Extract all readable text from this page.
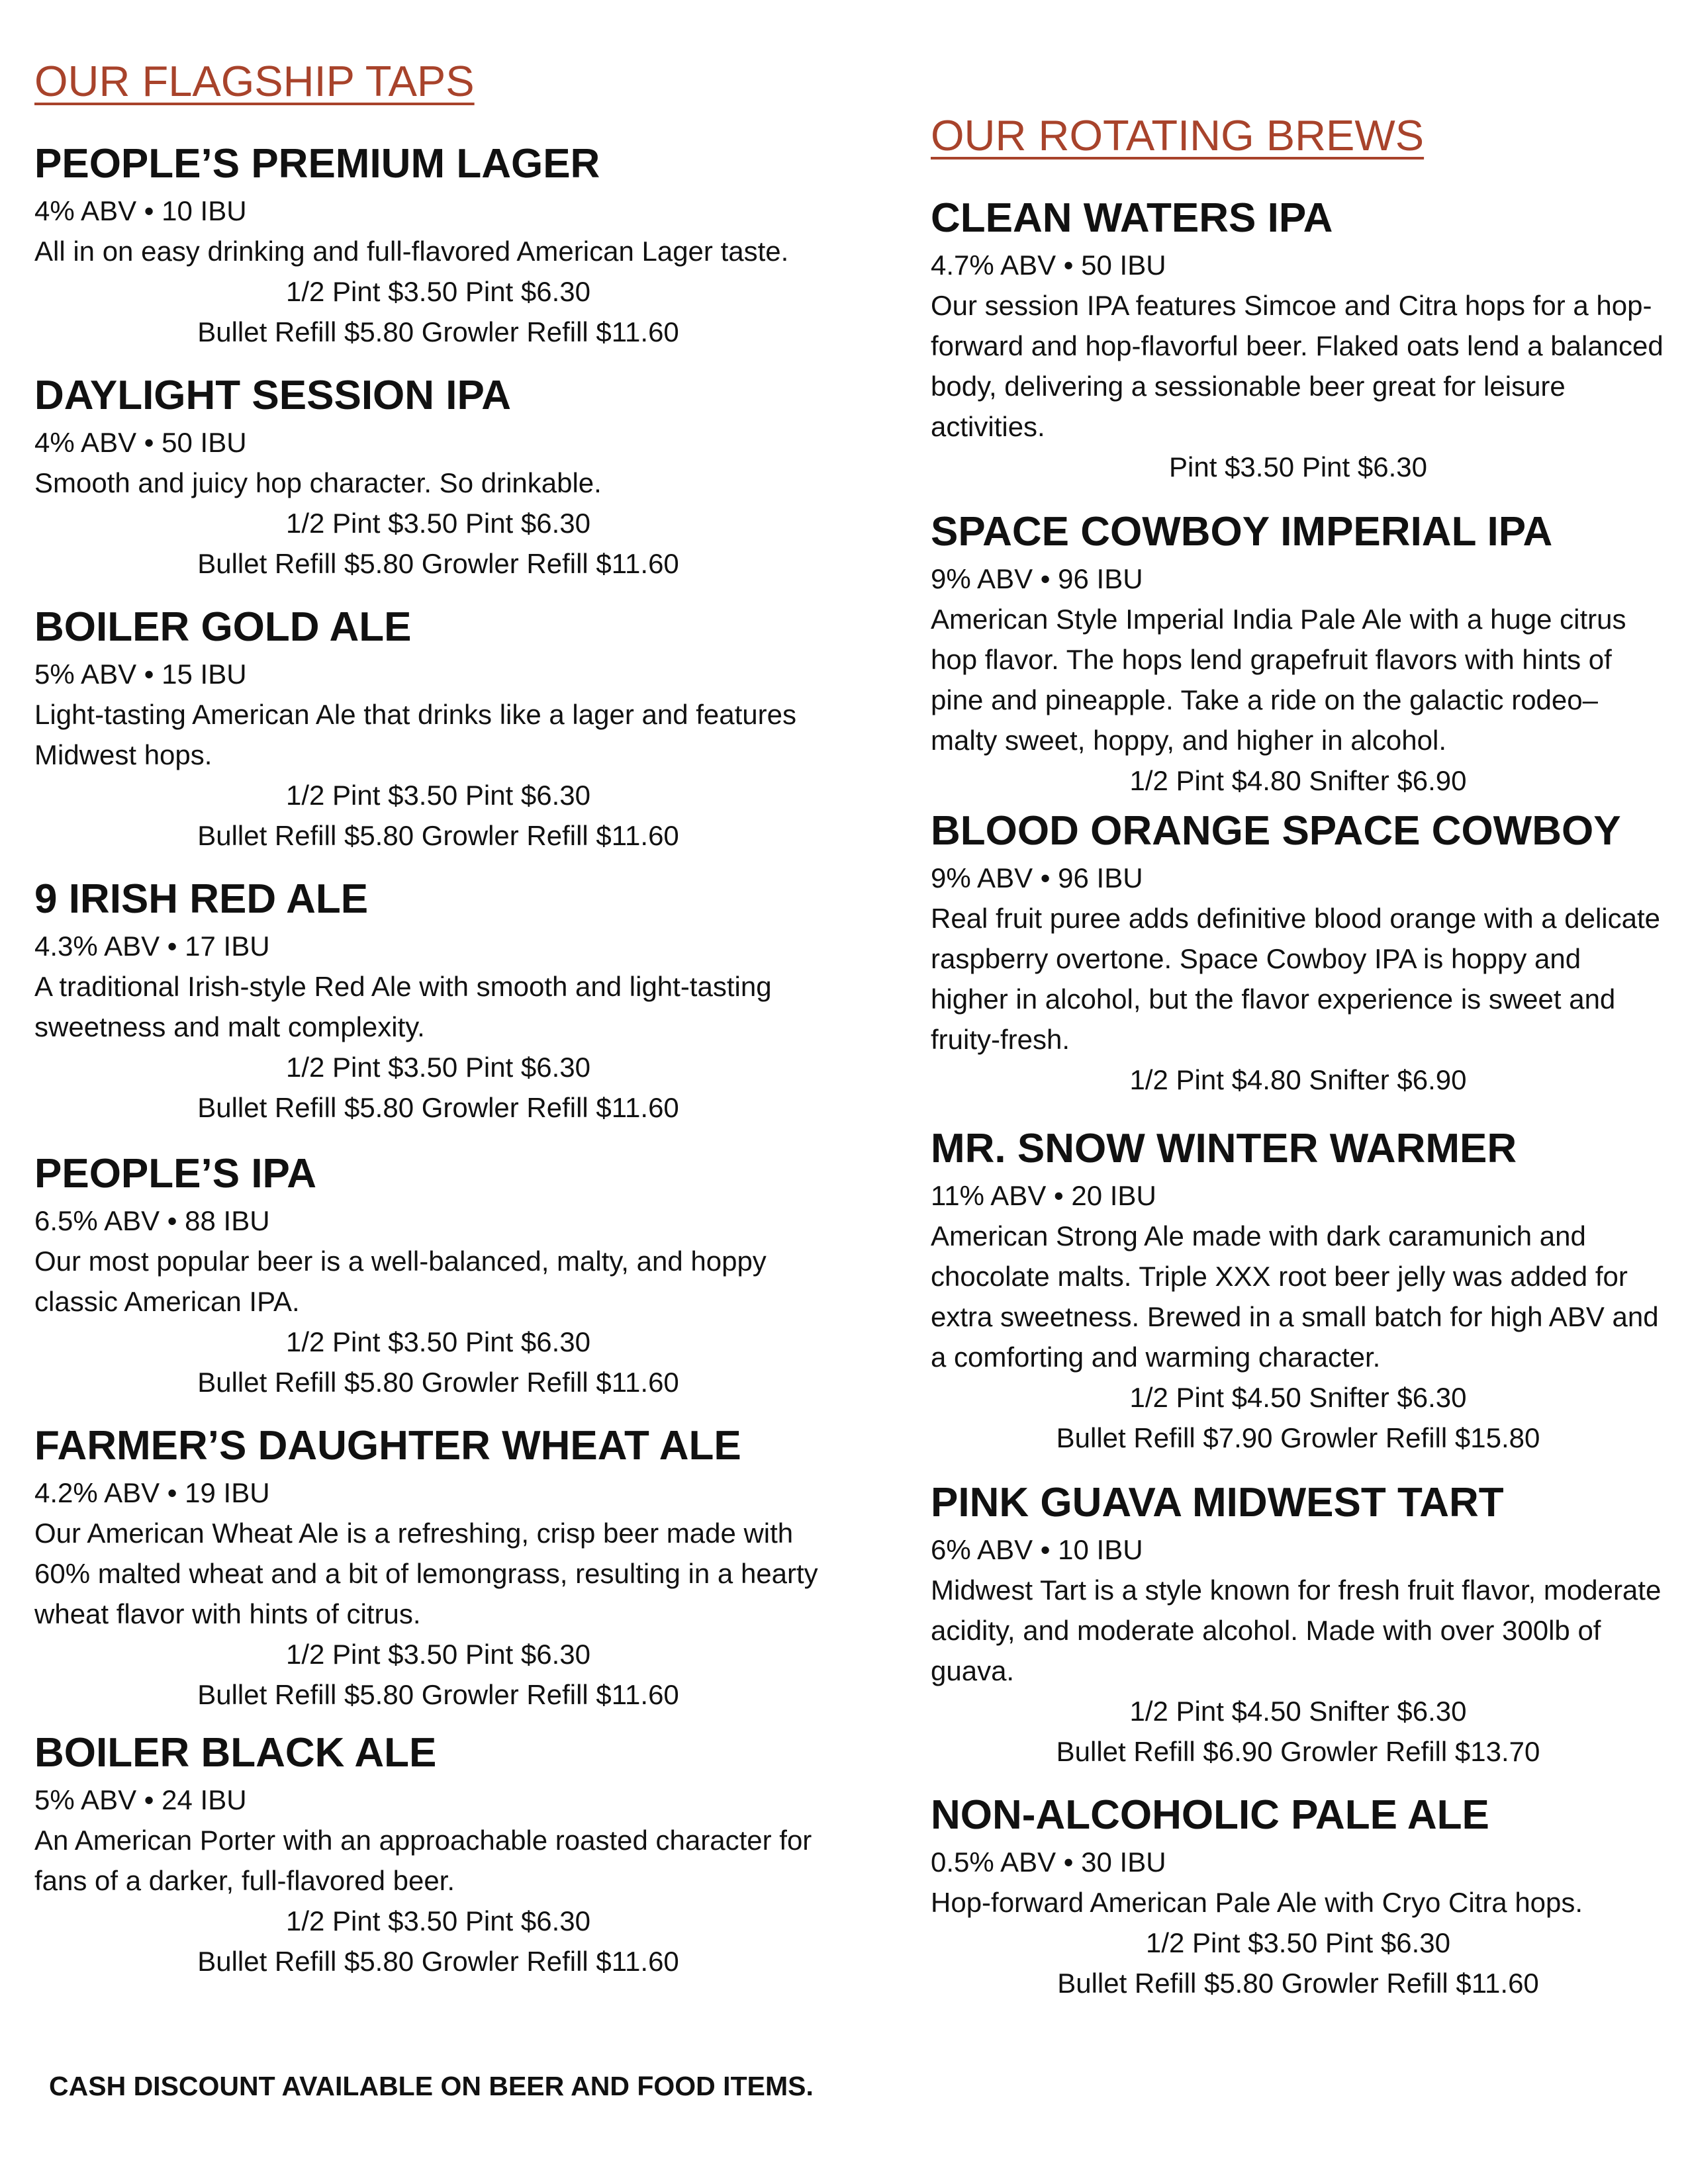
OUR FLAGSHIP TAPS
PEOPLE’S PREMIUM LAGER

4% ABV • 10 IBU

All in on easy drinking and full-flavored American Lager taste.

1/2 Pint $3.50 Pint $6.30

Bullet Refill $5.80 Growler Refill $11.60

DAYLIGHT SESSION IPA

4% ABV • 50 IBU

Smooth and juicy hop character. So drinkable.

1/2 Pint $3.50 Pint $6.30

Bullet Refill $5.80 Growler Refill $11.60

BOILER GOLD ALE

5% ABV • 15 IBU

Light-tasting American Ale that drinks like a lager and features Midwest hops.

1/2 Pint $3.50 Pint $6.30

Bullet Refill $5.80 Growler Refill $11.60

9 IRISH RED ALE

4.3% ABV • 17 IBU

A traditional Irish-style Red Ale with smooth and light-tasting sweetness and malt complexity.

1/2 Pint $3.50 Pint $6.30

Bullet Refill $5.80 Growler Refill $11.60

PEOPLE’S IPA

6.5% ABV • 88 IBU

Our most popular beer is a well-balanced, malty, and hoppy classic American IPA.

1/2 Pint $3.50 Pint $6.30

Bullet Refill $5.80 Growler Refill $11.60

FARMER’S DAUGHTER WHEAT ALE

4.2% ABV • 19 IBU

Our American Wheat Ale is a refreshing, crisp beer made with 60% malted wheat and a bit of lemongrass, resulting in a hearty wheat flavor with hints of citrus.

1/2 Pint $3.50 Pint $6.30

Bullet Refill $5.80 Growler Refill $11.60

BOILER BLACK ALE

5% ABV • 24 IBU

An American Porter with an approachable roasted character for fans of a darker, full-flavored beer.

1/2 Pint $3.50 Pint $6.30

Bullet Refill $5.80 Growler Refill $11.60

OUR ROTATING BREWS
CLEAN WATERS IPA

4.7% ABV • 50 IBU

Our session IPA features Simcoe and Citra hops for a hop-forward and hop-flavorful beer. Flaked oats lend a balanced body, delivering a sessionable beer great for leisure activities.

Pint $3.50 Pint $6.30

SPACE COWBOY IMPERIAL IPA

9% ABV • 96 IBU

American Style Imperial India Pale Ale with a huge citrus hop flavor. The hops lend grapefruit flavors with hints of pine and pineapple. Take a ride on the galactic rodeo– malty sweet, hoppy, and higher in alcohol.

1/2 Pint $4.80 Snifter $6.90

BLOOD ORANGE SPACE COWBOY

9% ABV • 96 IBU

Real fruit puree adds definitive blood orange with a delicate raspberry overtone. Space Cowboy IPA is hoppy and higher in alcohol, but the flavor experience is sweet and fruity-fresh.

1/2 Pint $4.80 Snifter $6.90

MR. SNOW WINTER WARMER

11% ABV • 20 IBU

American Strong Ale made with dark caramunich and chocolate malts. Triple XXX root beer jelly was added for extra sweetness. Brewed in a small batch for high ABV and a comforting and warming character.

1/2 Pint $4.50 Snifter $6.30

Bullet Refill $7.90 Growler Refill $15.80

PINK GUAVA MIDWEST TART

6% ABV • 10 IBU

Midwest Tart is a style known for fresh fruit flavor, moderate acidity, and moderate alcohol. Made with over 300lb of guava.

1/2 Pint $4.50 Snifter $6.30

Bullet Refill $6.90 Growler Refill $13.70

NON-ALCOHOLIC PALE ALE

0.5% ABV • 30 IBU

Hop-forward American Pale Ale with Cryo Citra hops.

1/2 Pint $3.50 Pint $6.30

Bullet Refill $5.80 Growler Refill $11.60

CASH DISCOUNT AVAILABLE ON BEER AND FOOD ITEMS.
